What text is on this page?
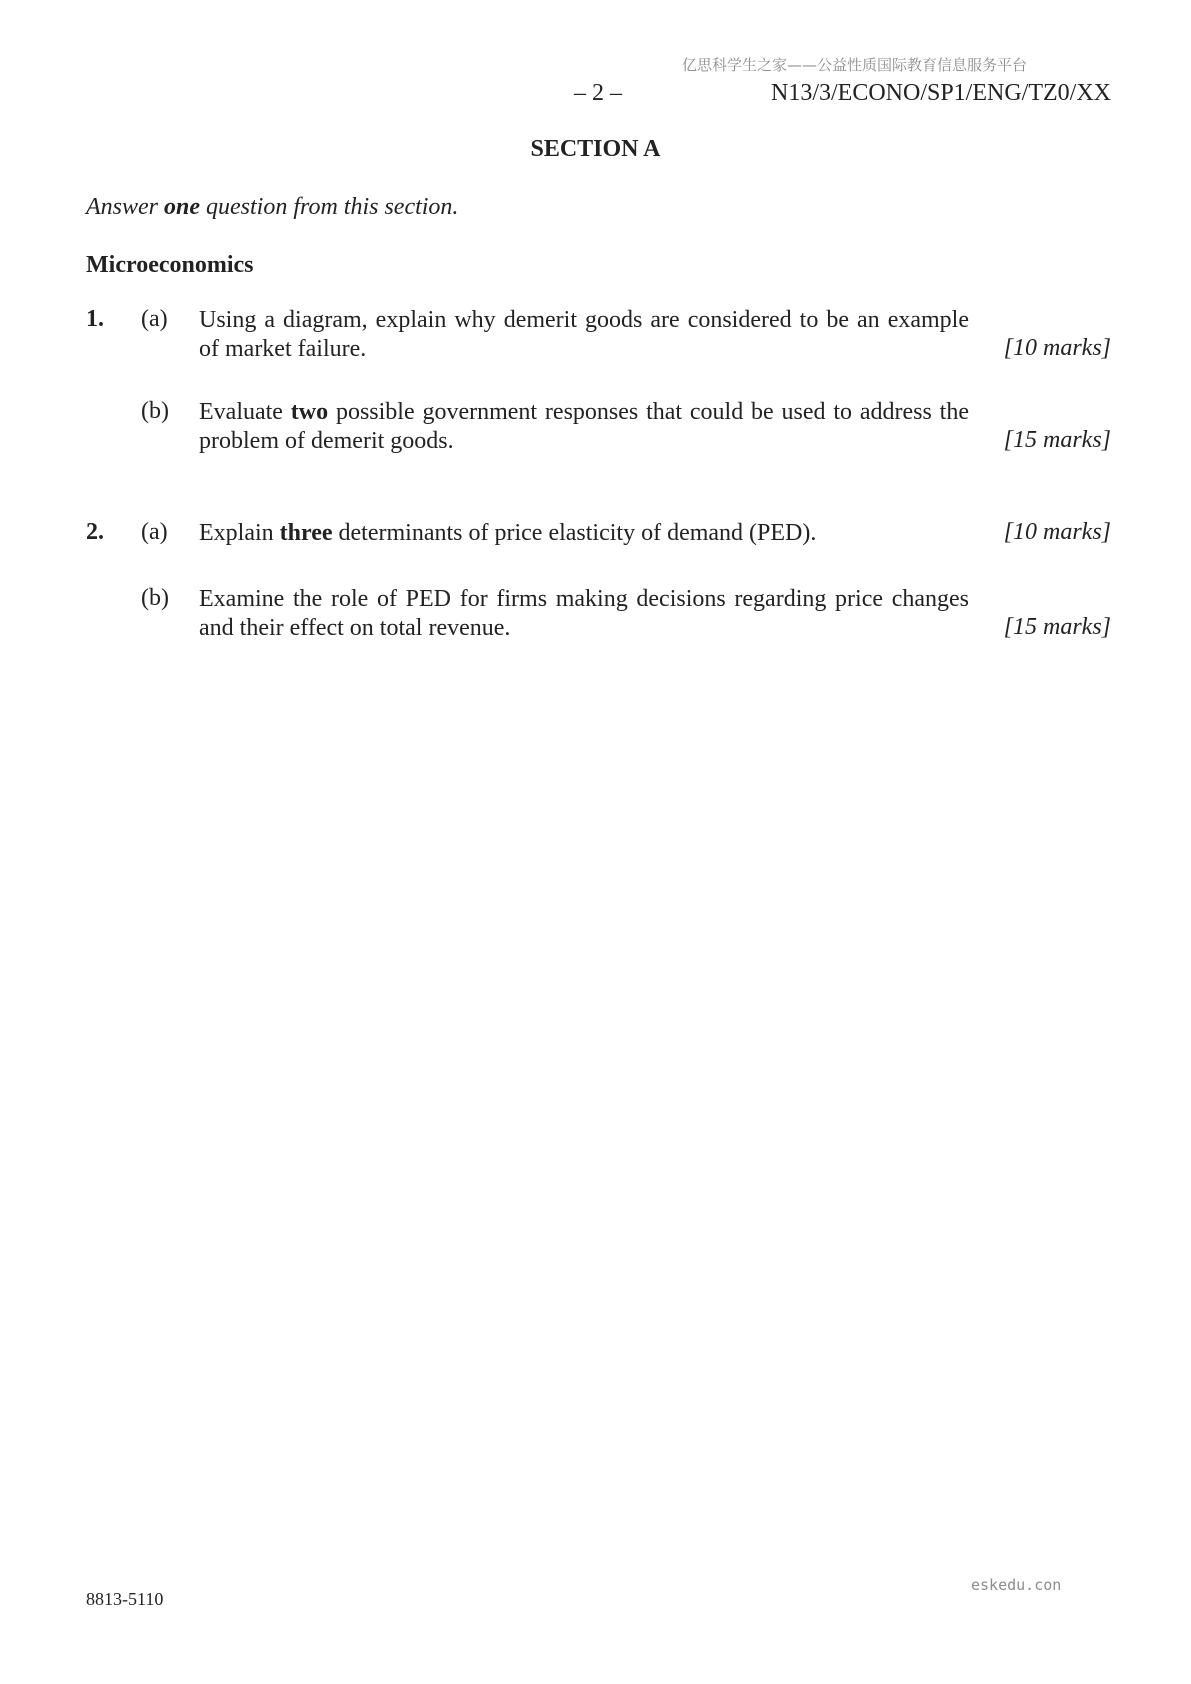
亿思科学生之家——公益性质国际教育信息服务平台
– 2 –	N13/3/ECONO/SP1/ENG/TZ0/XX
SECTION A
Answer one question from this section.
Microeconomics
1. (a) Using a diagram, explain why demerit goods are considered to be an example of market failure.	[10 marks]
(b) Evaluate two possible government responses that could be used to address the problem of demerit goods.	[15 marks]
2. (a) Explain three determinants of price elasticity of demand (PED).	[10 marks]
(b) Examine the role of PED for firms making decisions regarding price changes and their effect on total revenue.	[15 marks]
8813-5110
eskedu.con
